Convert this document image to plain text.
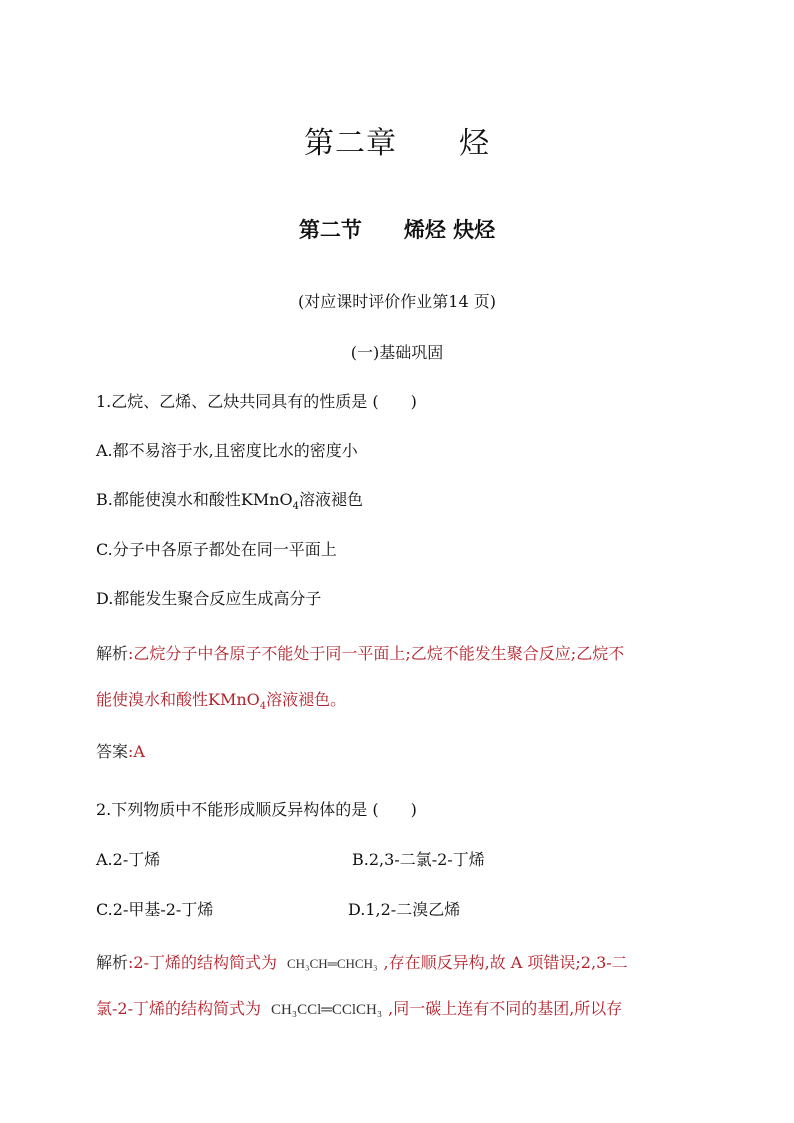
第二章　　烃
第二节　　烯烃 炔烃
(对应课时评价作业第14 页)
(一)基础巩固
1.乙烷、乙烯、乙炔共同具有的性质是 (　　)
A.都不易溶于水,且密度比水的密度小
B.都能使溴水和酸性KMnO$_4$溶液褪色
C.分子中各原子都处在同一平面上
D.都能发生聚合反应生成高分子
解析:乙烷分子中各原子不能处于同一平面上;乙烷不能发生聚合反应;乙烷不
能使溴水和酸性KMnO$_4$溶液褪色。
答案:A
2.下列物质中不能形成顺反异构体的是 (　　)
A.2-丁烯	B.2,3-二氯-2-丁烯
C.2-甲基-2-丁烯	D.1,2-二溴乙烯
解析:2-丁烯的结构简式为 CH₃CH═CHCH₃ ,存在顺反异构,故 A 项错误;2,3-二
氯-2-丁烯的结构简式为 CH₃CCl═CClCH₃ ,同一碳上连有不同的基团,所以存
